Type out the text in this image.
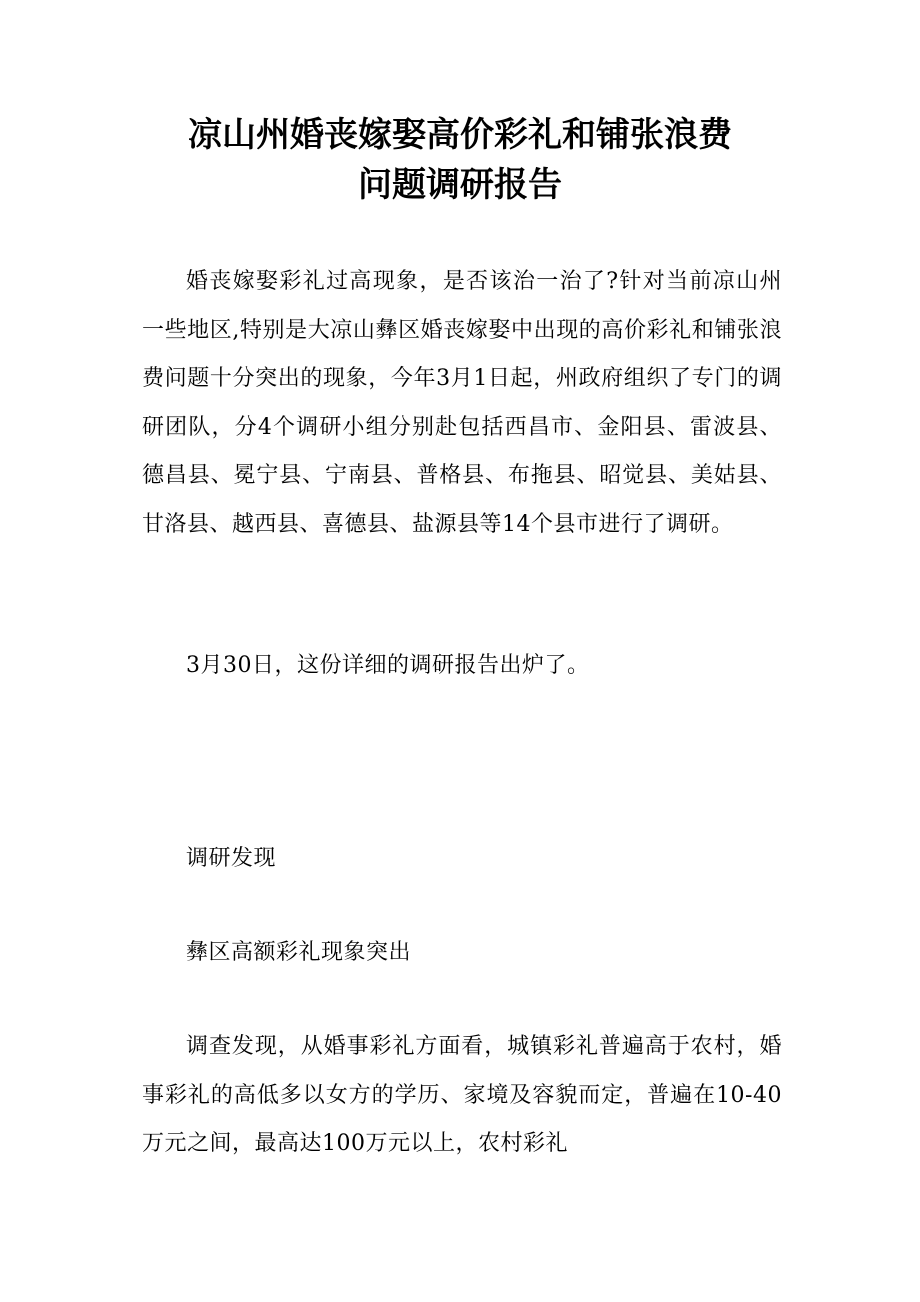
凉山州婚丧嫁娶高价彩礼和铺张浪费
问题调研报告

婚丧嫁娶彩礼过高现象，是否该治一治了?针对当前凉山州一些地区,特别是大凉山彝区婚丧嫁娶中出现的高价彩礼和铺张浪费问题十分突出的现象，今年3月1日起，州政府组织了专门的调研团队，分4个调研小组分别赴包括西昌市、金阳县、雷波县、德昌县、冕宁县、宁南县、普格县、布拖县、昭觉县、美姑县、甘洛县、越西县、喜德县、盐源县等14个县市进行了调研。

3月30日，这份详细的调研报告出炉了。

调研发现

彝区高额彩礼现象突出

调查发现，从婚事彩礼方面看，城镇彩礼普遍高于农村，婚事彩礼的高低多以女方的学历、家境及容貌而定，普遍在10-40万元之间，最高达100万元以上，农村彩礼
